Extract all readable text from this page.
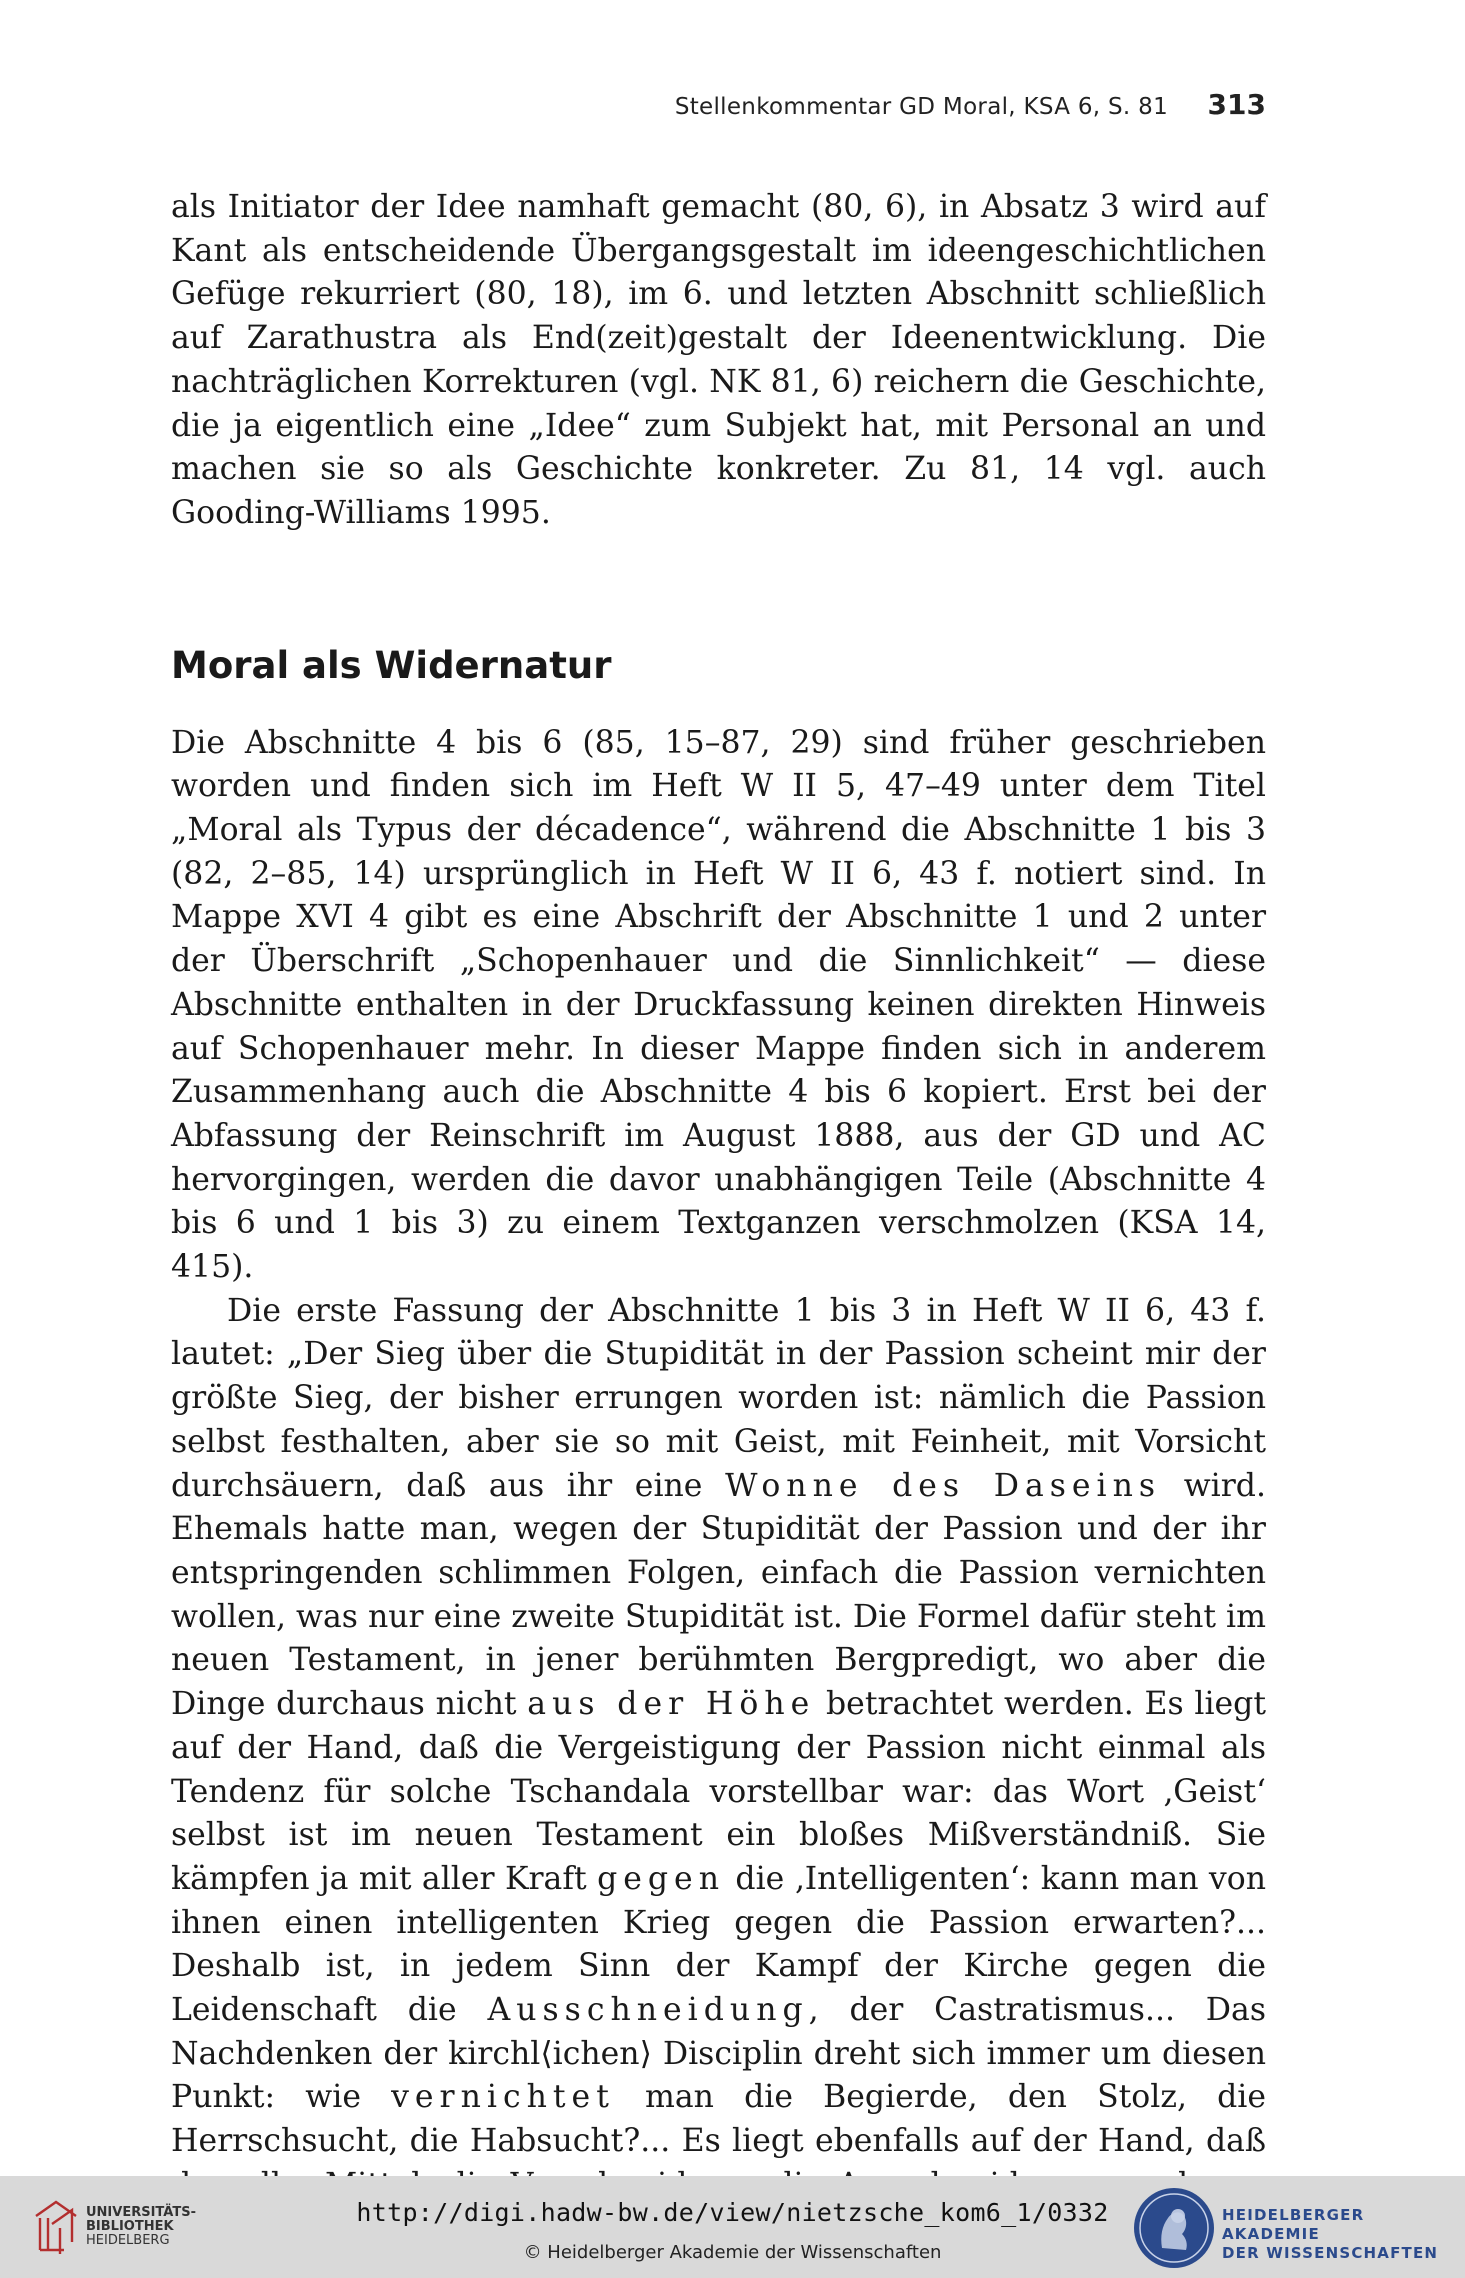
Stellenkommentar GD Moral, KSA 6, S. 81 313

als Initiator der Idee namhaft gemacht (80, 6), in Absatz 3 wird auf Kant als entscheidende Übergangsgestalt im ideengeschichtlichen Gefüge rekurriert (80, 18), im 6. und letzten Abschnitt schließlich auf Zarathustra als End(zeit)gestalt der Ideenentwicklung. Die nachträglichen Korrekturen (vgl. NK 81, 6) reichern die Geschichte, die ja eigentlich eine „Idee“ zum Subjekt hat, mit Personal an und machen sie so als Geschichte konkreter. Zu 81, 14 vgl. auch Gooding-Williams 1995.

Moral als Widernatur

Die Abschnitte 4 bis 6 (85, 15–87, 29) sind früher geschrieben worden und finden sich im Heft W II 5, 47–49 unter dem Titel „Moral als Typus der décadence“, während die Abschnitte 1 bis 3 (82, 2–85, 14) ursprünglich in Heft W II 6, 43 f. notiert sind. In Mappe XVI 4 gibt es eine Abschrift der Abschnitte 1 und 2 unter der Überschrift „Schopenhauer und die Sinnlichkeit“ — diese Abschnitte enthalten in der Druckfassung keinen direkten Hinweis auf Schopenhauer mehr. In dieser Mappe finden sich in anderem Zusammenhang auch die Abschnitte 4 bis 6 kopiert. Erst bei der Abfassung der Reinschrift im August 1888, aus der GD und AC hervorgingen, werden die davor unabhängigen Teile (Abschnitte 4 bis 6 und 1 bis 3) zu einem Textganzen verschmolzen (KSA 14, 415).

Die erste Fassung der Abschnitte 1 bis 3 in Heft W II 6, 43 f. lautet: „Der Sieg über die Stupidität in der Passion scheint mir der größte Sieg, der bisher errungen worden ist: nämlich die Passion selbst festhalten, aber sie so mit Geist, mit Feinheit, mit Vorsicht durchsäuern, daß aus ihr eine Wonne des Daseins wird. Ehemals hatte man, wegen der Stupidität der Passion und der ihr entspringenden schlimmen Folgen, einfach die Passion vernichten wollen, was nur eine zweite Stupidität ist. Die Formel dafür steht im neuen Testament, in jener berühmten Bergpredigt, wo aber die Dinge durchaus nicht aus der Höhe betrachtet werden. Es liegt auf der Hand, daß die Vergeistigung der Passion nicht einmal als Tendenz für solche Tschandala vorstellbar war: das Wort ‚Geist‘ selbst ist im neuen Testament ein bloßes Mißverständniß. Sie kämpfen ja mit aller Kraft gegen die ‚Intelligenten‘: kann man von ihnen einen intelligenten Krieg gegen die Passion erwarten?... Deshalb ist, in jedem Sinn der Kampf der Kirche gegen die Leidenschaft die Ausschneidung, der Castratismus... Das Nachdenken der kirchl⟨ichen⟩ Disciplin dreht sich immer um diesen Punkt: wie vernichtet man die Begierde, den Stolz, die Herrschsucht, die Habsucht?... Es liegt ebenfalls auf der Hand, daß

UNIVERSITÄTS-
BIBLIOTHEK
HEIDELBERG
http://digi.hadw-bw.de/view/nietzsche_kom6_1/0332
© Heidelberger Akademie der Wissenschaften
HEIDELBERGER AKADEMIE
DER WISSENSCHAFTEN
